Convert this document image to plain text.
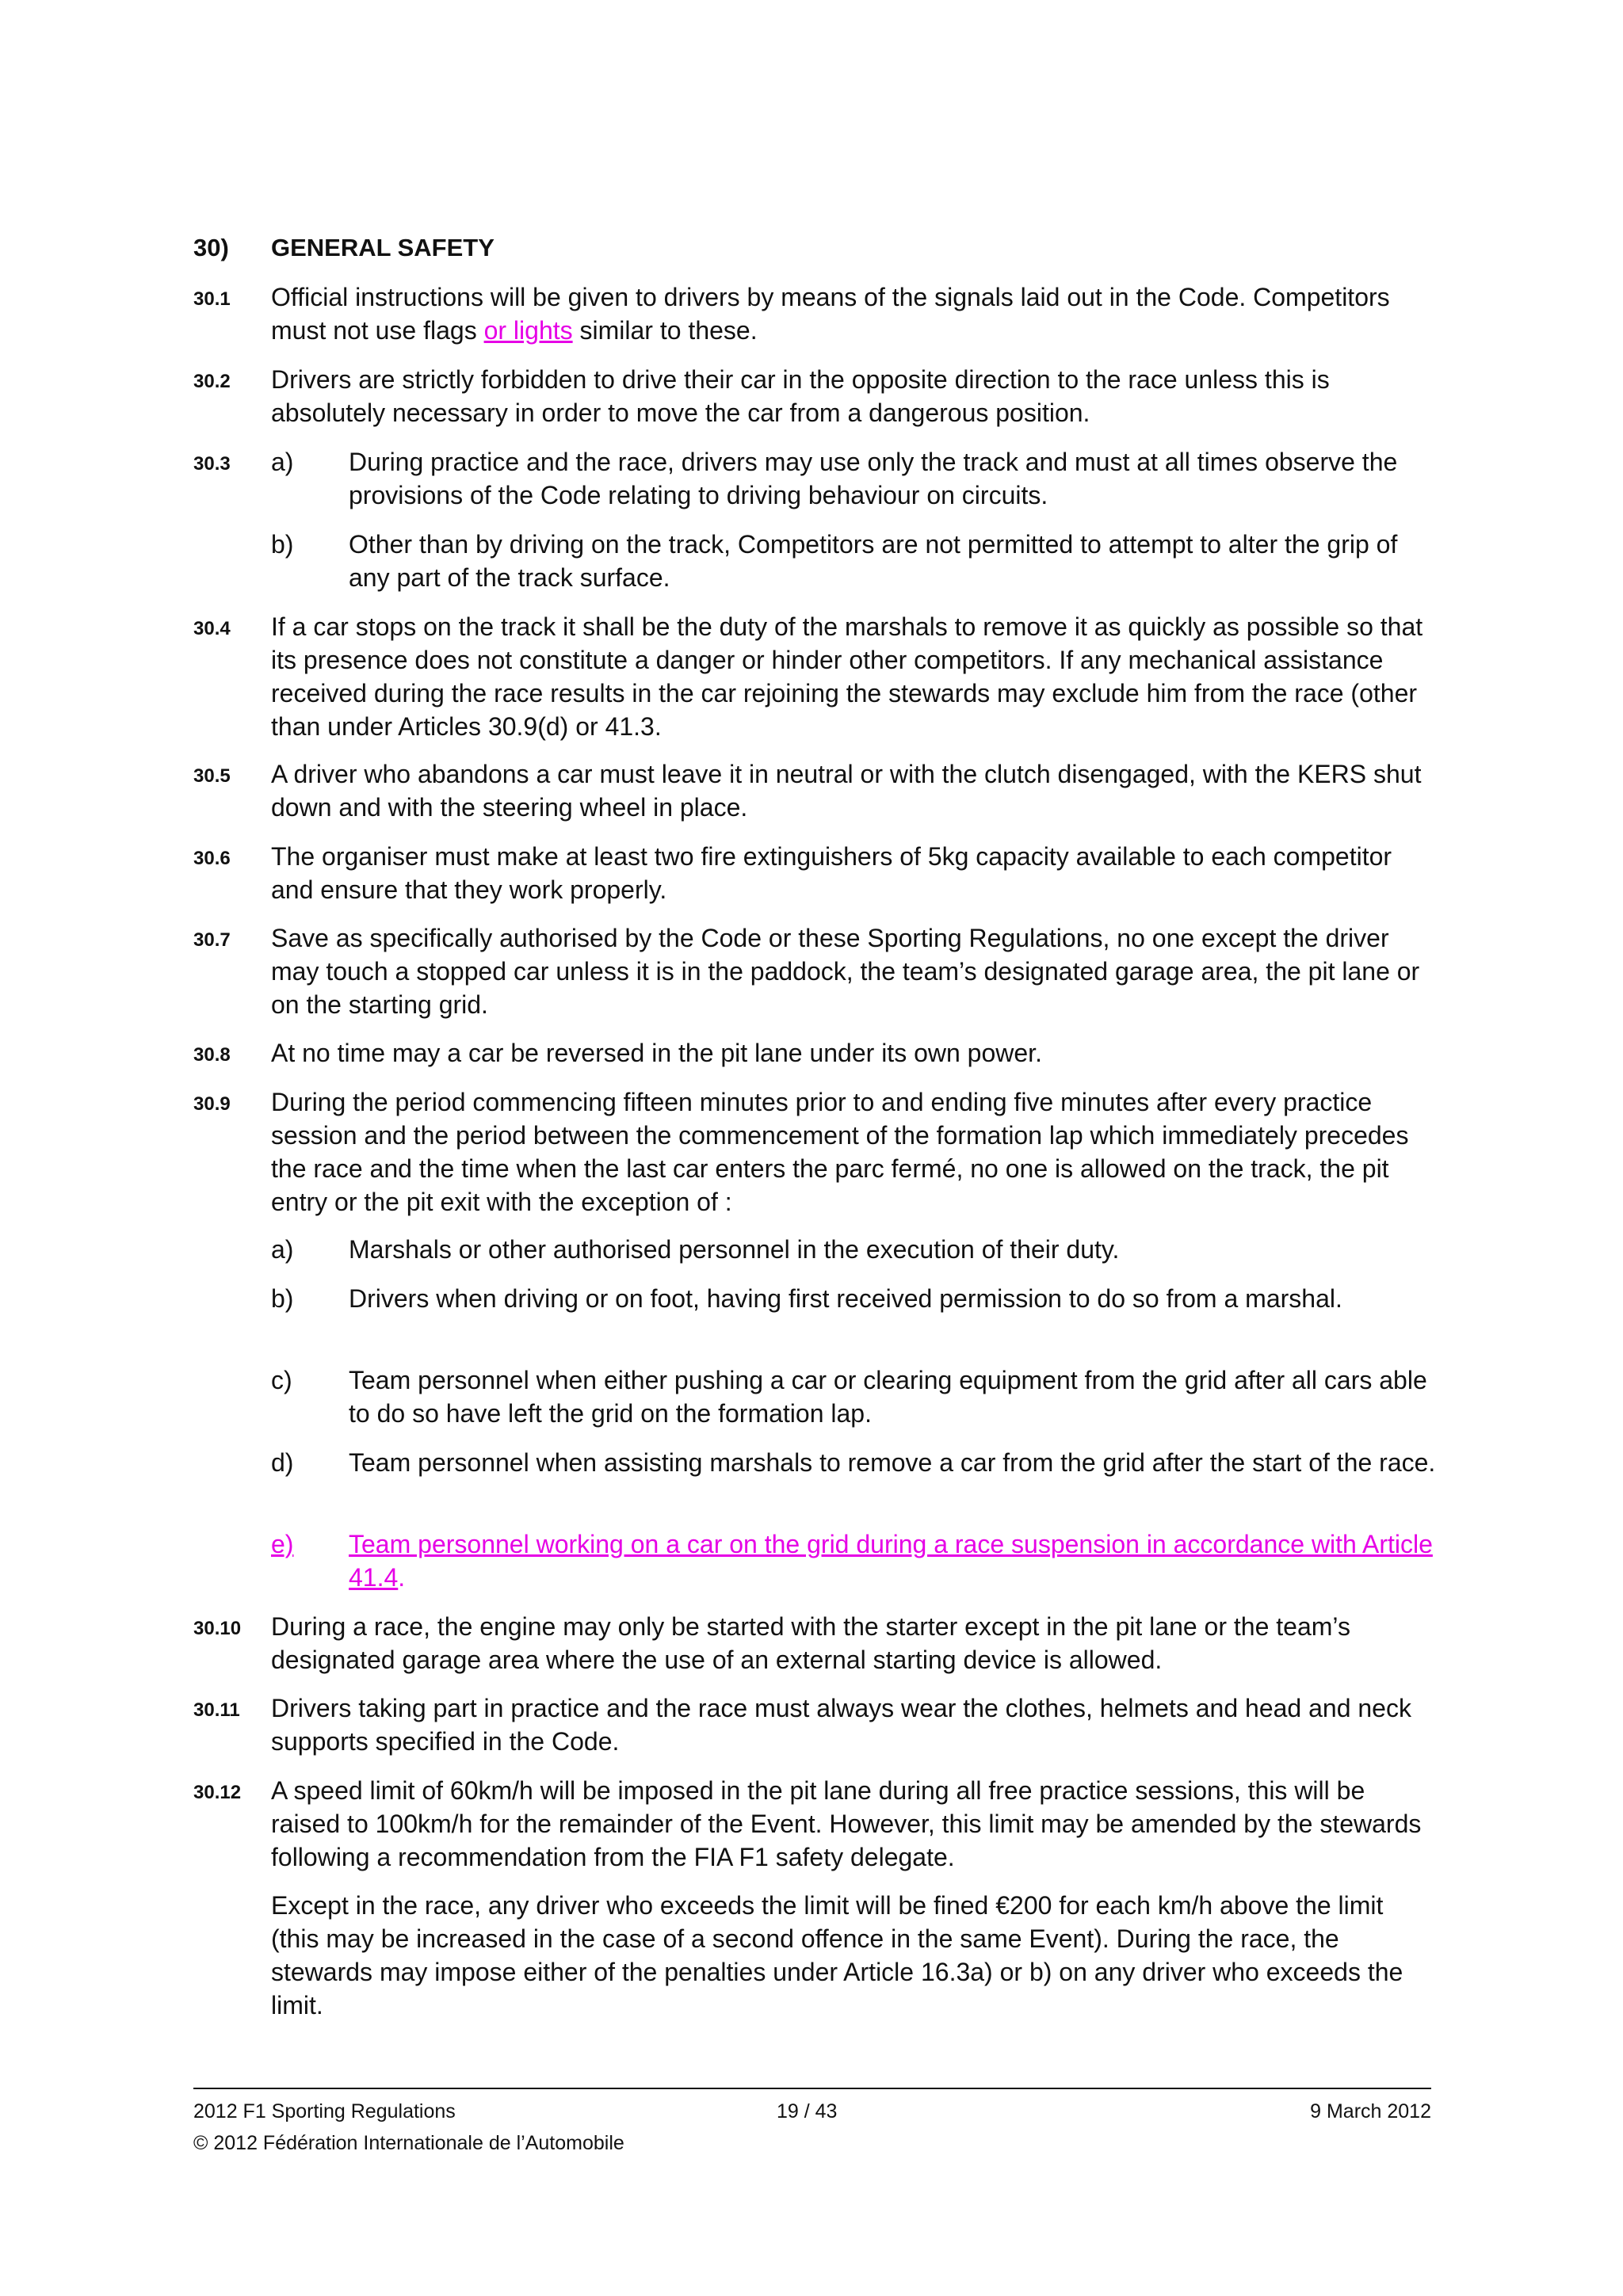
30) GENERAL SAFETY
30.1 Official instructions will be given to drivers by means of the signals laid out in the Code. Competitors must not use flags or lights similar to these.
30.2 Drivers are strictly forbidden to drive their car in the opposite direction to the race unless this is absolutely necessary in order to move the car from a dangerous position.
30.3 a) During practice and the race, drivers may use only the track and must at all times observe the provisions of the Code relating to driving behaviour on circuits.
b) Other than by driving on the track, Competitors are not permitted to attempt to alter the grip of any part of the track surface.
30.4 If a car stops on the track it shall be the duty of the marshals to remove it as quickly as possible so that its presence does not constitute a danger or hinder other competitors. If any mechanical assistance received during the race results in the car rejoining the stewards may exclude him from the race (other than under Articles 30.9(d) or 41.3.
30.5 A driver who abandons a car must leave it in neutral or with the clutch disengaged, with the KERS shut down and with the steering wheel in place.
30.6 The organiser must make at least two fire extinguishers of 5kg capacity available to each competitor and ensure that they work properly.
30.7 Save as specifically authorised by the Code or these Sporting Regulations, no one except the driver may touch a stopped car unless it is in the paddock, the team’s designated garage area, the pit lane or on the starting grid.
30.8 At no time may a car be reversed in the pit lane under its own power.
30.9 During the period commencing fifteen minutes prior to and ending five minutes after every practice session and the period between the commencement of the formation lap which immediately precedes the race and the time when the last car enters the parc fermé, no one is allowed on the track, the pit entry or the pit exit with the exception of :
a) Marshals or other authorised personnel in the execution of their duty.
b) Drivers when driving or on foot, having first received permission to do so from a marshal.
c) Team personnel when either pushing a car or clearing equipment from the grid after all cars able to do so have left the grid on the formation lap.
d) Team personnel when assisting marshals to remove a car from the grid after the start of the race.
e) Team personnel working on a car on the grid during a race suspension in accordance with Article 41.4.
30.10 During a race, the engine may only be started with the starter except in the pit lane or the team’s designated garage area where the use of an external starting device is allowed.
30.11 Drivers taking part in practice and the race must always wear the clothes, helmets and head and neck supports specified in the Code.
30.12 A speed limit of 60km/h will be imposed in the pit lane during all free practice sessions, this will be raised to 100km/h for the remainder of the Event. However, this limit may be amended by the stewards following a recommendation from the FIA F1 safety delegate.
Except in the race, any driver who exceeds the limit will be fined €200 for each km/h above the limit (this may be increased in the case of a second offence in the same Event). During the race, the stewards may impose either of the penalties under Article 16.3a) or b) on any driver who exceeds the limit.
2012 F1 Sporting Regulations	19 / 43	9 March 2012
© 2012 Fédération Internationale de l’Automobile
